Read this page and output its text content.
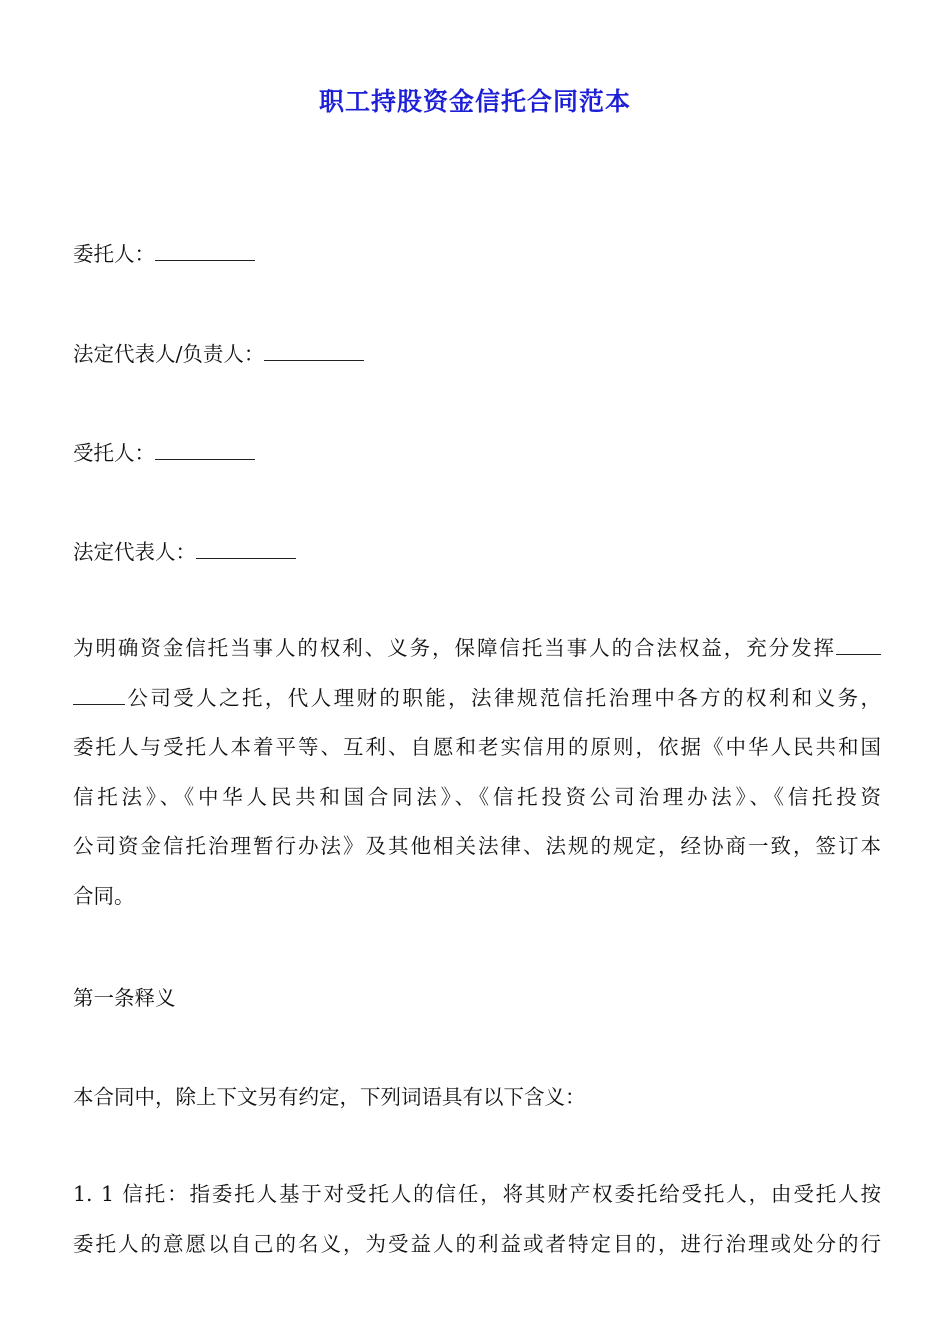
职工持股资金信托合同范本
委托人：
法定代表人/负责人：
受托人：
法定代表人：
为明确资金信托当事人的权利、义务，保障信托当事人的合法权益，充分发挥
公司受人之托，代人理财的职能，法律规范信托治理中各方的权利和义务，
委托人与受托人本着平等、互利、自愿和老实信用的原则，依据《中华人民共和国
信托法》、《中华人民共和国合同法》、《信托投资公司治理办法》、《信托投资
公司资金信托治理暂行办法》及其他相关法律、法规的规定，经协商一致，签订本
合同。
第一条释义
本合同中，除上下文另有约定，下列词语具有以下含义：
1. 1 信托：指委托人基于对受托人的信任，将其财产权委托给受托人，由受托人按
委托人的意愿以自己的名义，为受益人的利益或者特定目的，进行治理或处分的行
